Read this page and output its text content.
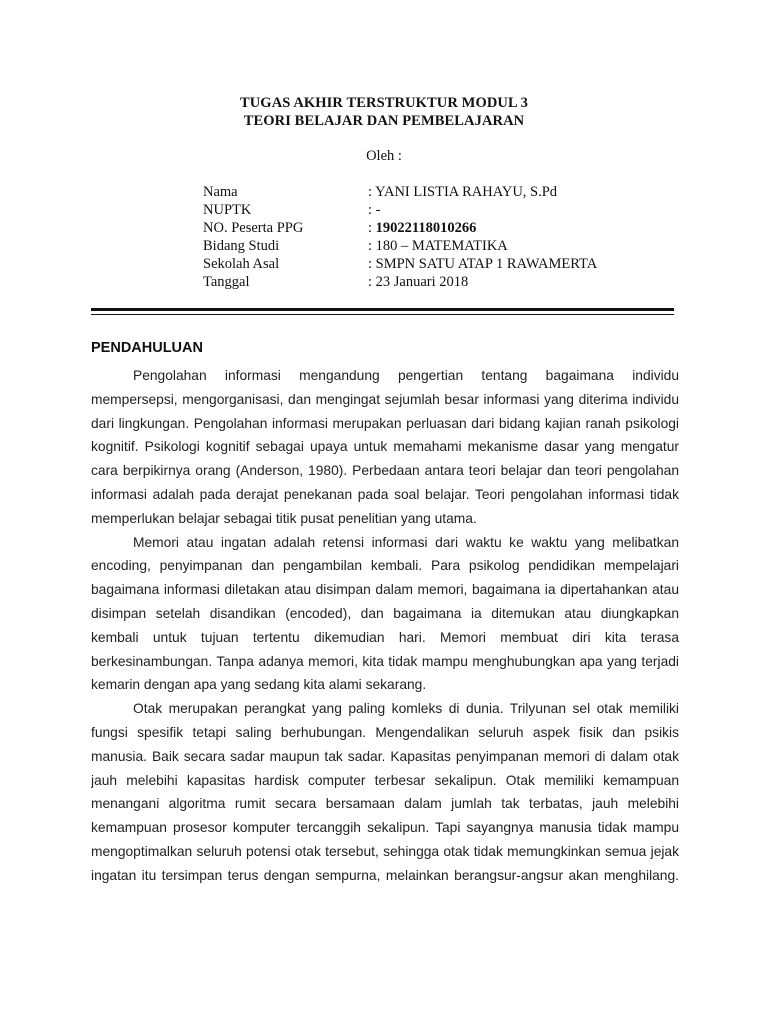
TUGAS AKHIR TERSTRUKTUR MODUL 3
TEORI BELAJAR DAN PEMBELAJARAN
Oleh :
Nama	: YANI LISTIA RAHAYU, S.Pd
NUPTK	: -
NO. Peserta PPG	: 19022118010266
Bidang Studi	: 180 – MATEMATIKA
Sekolah Asal	: SMPN SATU ATAP 1 RAWAMERTA
Tanggal	: 23 Januari 2018
PENDAHULUAN
Pengolahan informasi mengandung pengertian tentang bagaimana individu
mempersepsi, mengorganisasi, dan mengingat sejumlah besar informasi yang diterima individu
dari lingkungan. Pengolahan informasi merupakan perluasan dari bidang kajian ranah psikologi
kognitif. Psikologi kognitif sebagai upaya untuk memahami mekanisme dasar yang mengatur
cara berpikirnya orang (Anderson, 1980). Perbedaan antara teori belajar dan teori pengolahan
informasi adalah pada derajat penekanan pada soal belajar. Teori pengolahan informasi tidak
memperlukan belajar sebagai titik pusat penelitian yang utama.
Memori atau ingatan adalah retensi informasi dari waktu ke waktu yang melibatkan
encoding, penyimpanan dan pengambilan kembali. Para psikolog pendidikan mempelajari
bagaimana informasi diletakan atau disimpan dalam memori, bagaimana ia dipertahankan atau
disimpan setelah disandikan (encoded), dan bagaimana ia ditemukan atau diungkapkan
kembali untuk tujuan tertentu dikemudian hari. Memori membuat diri kita terasa
berkesinambungan. Tanpa adanya memori, kita tidak mampu menghubungkan apa yang terjadi
kemarin dengan apa yang sedang kita alami sekarang.
Otak merupakan perangkat yang paling komleks di dunia. Trilyunan sel otak memiliki
fungsi spesifik tetapi saling berhubungan. Mengendalikan seluruh aspek fisik dan psikis
manusia. Baik secara sadar maupun tak sadar. Kapasitas penyimpanan memori di dalam otak
jauh melebihi kapasitas hardisk computer terbesar sekalipun. Otak memiliki kemampuan
menangani algoritma rumit secara bersamaan dalam jumlah tak terbatas, jauh melebihi
kemampuan prosesor komputer tercanggih sekalipun. Tapi sayangnya manusia tidak mampu
mengoptimalkan seluruh potensi otak tersebut, sehingga otak tidak memungkinkan semua jejak
ingatan itu tersimpan terus dengan sempurna, melainkan berangsur-angsur akan menghilang.
